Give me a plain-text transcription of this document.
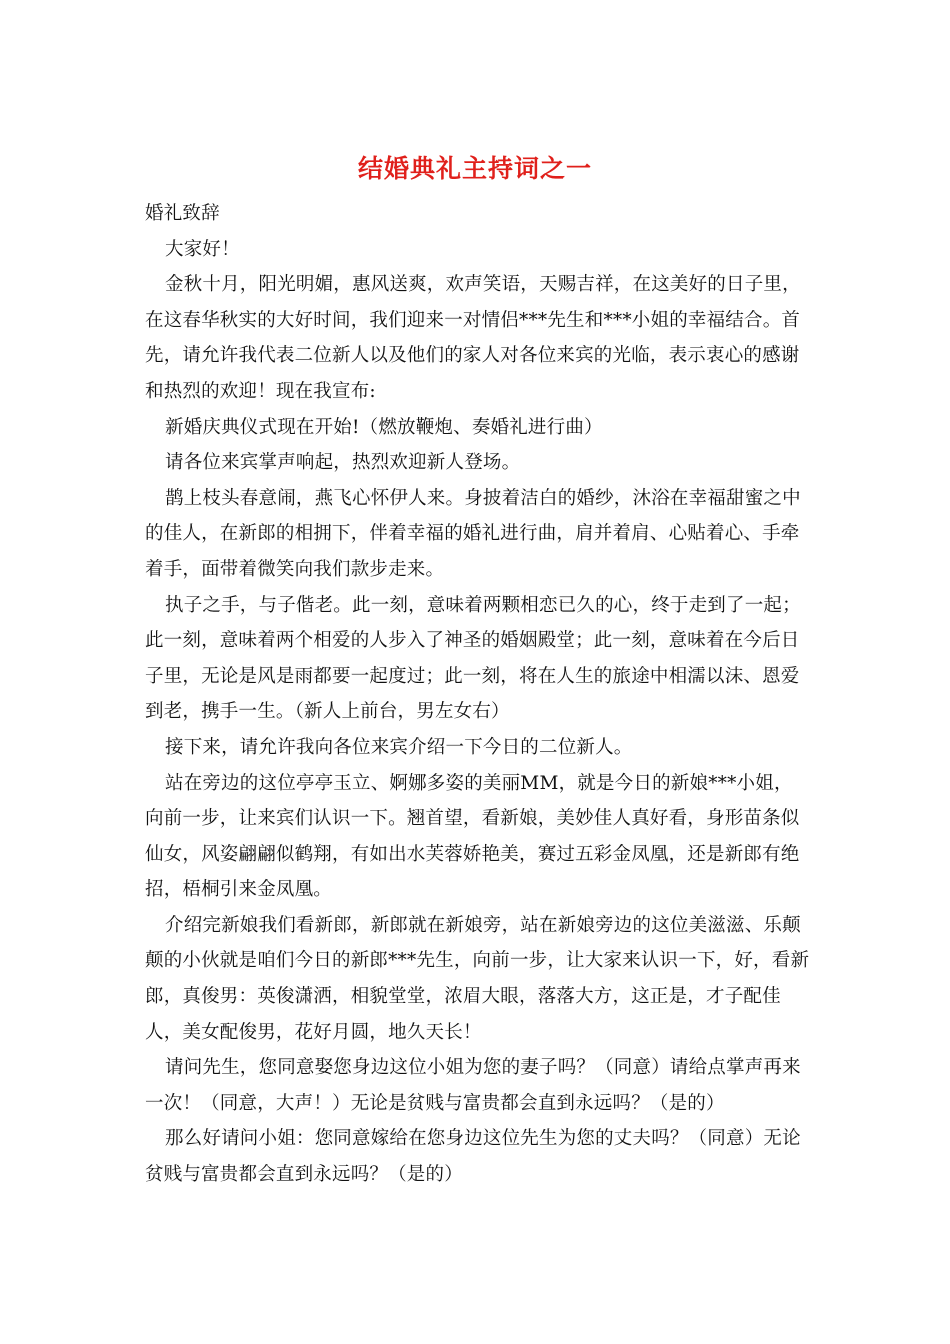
结婚典礼主持词之一

婚礼致辞

大家好！

金秋十月，阳光明媚，惠风送爽，欢声笑语，天赐吉祥，在这美好的日子里，在这春华秋实的大好时间，我们迎来一对情侣***先生和***小姐的幸福结合。首先，请允许我代表二位新人以及他们的家人对各位来宾的光临，表示衷心的感谢和热烈的欢迎！现在我宣布:

新婚庆典仪式现在开始!（燃放鞭炮、奏婚礼进行曲）

请各位来宾掌声响起，热烈欢迎新人登场。

鹊上枝头春意闹，燕飞心怀伊人来。身披着洁白的婚纱，沐浴在幸福甜蜜之中的佳人，在新郎的相拥下，伴着幸福的婚礼进行曲，肩并着肩、心贴着心、手牵着手，面带着微笑向我们款步走来。

执子之手，与子偕老。此一刻，意味着两颗相恋已久的心，终于走到了一起；此一刻，意味着两个相爱的人步入了神圣的婚姻殿堂；此一刻，意味着在今后日子里，无论是风是雨都要一起度过；此一刻，将在人生的旅途中相濡以沫、恩爱到老，携手一生。（新人上前台，男左女右）

接下来，请允许我向各位来宾介绍一下今日的二位新人。

站在旁边的这位亭亭玉立、婀娜多姿的美丽MM，就是今日的新娘***小姐，向前一步，让来宾们认识一下。翘首望，看新娘，美妙佳人真好看，身形苗条似仙女，风姿翩翩似鹤翔，有如出水芙蓉娇艳美，赛过五彩金凤凰，还是新郎有绝招，梧桐引来金凤凰。

介绍完新娘我们看新郎，新郎就在新娘旁，站在新娘旁边的这位美滋滋、乐颠颠的小伙就是咱们今日的新郎***先生，向前一步，让大家来认识一下，好，看新郎，真俊男：英俊潇洒，相貌堂堂，浓眉大眼，落落大方，这正是，才子配佳人，美女配俊男，花好月圆，地久天长！

请问先生，您同意娶您身边这位小姐为您的妻子吗？（同意）请给点掌声再来一次！（同意，大声！）无论是贫贱与富贵都会直到永远吗？（是的）

那么好请问小姐：您同意嫁给在您身边这位先生为您的丈夫吗？（同意）无论贫贱与富贵都会直到永远吗？（是的）
